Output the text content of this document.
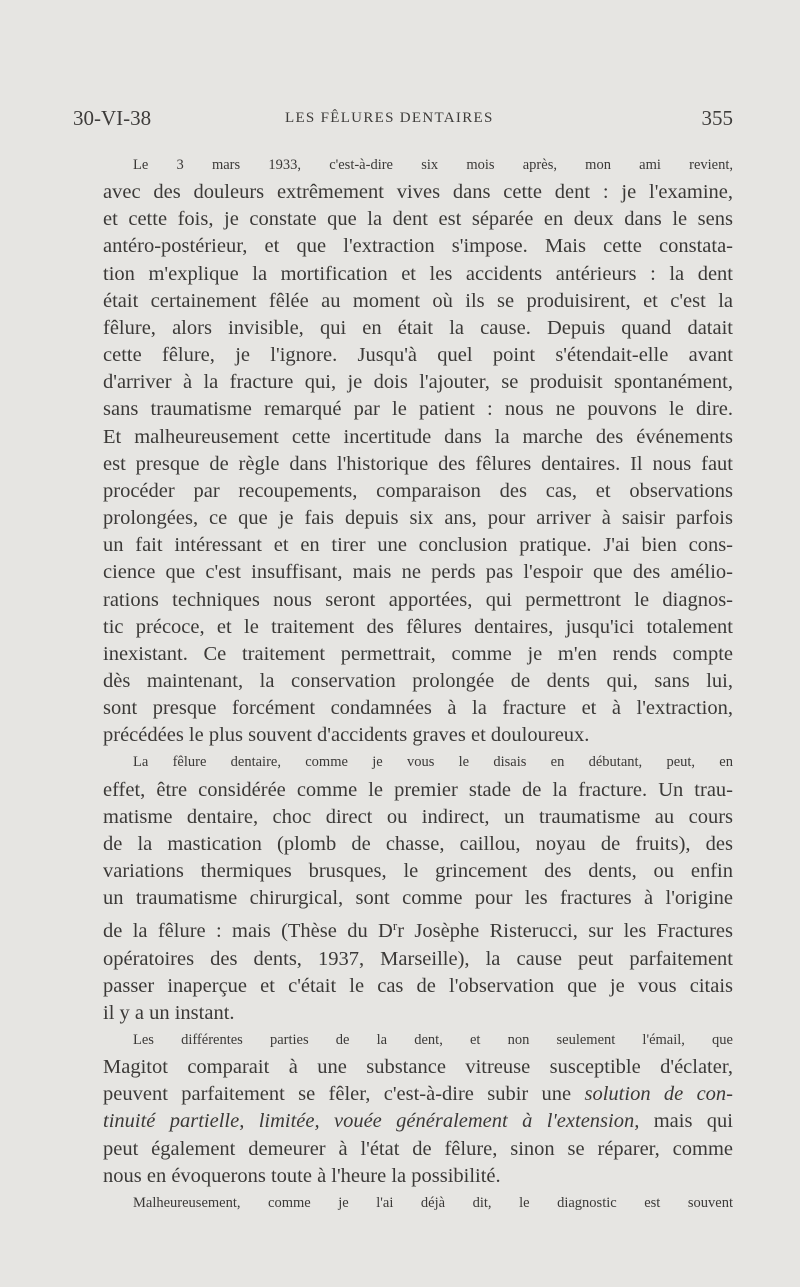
30-VI-38	LES FÊLURES DENTAIRES	355
Le 3 mars 1933, c'est-à-dire six mois après, mon ami revient,
avec des douleurs extrêmement vives dans cette dent : je l'examine,
et cette fois, je constate que la dent est séparée en deux dans le sens
antéro-postérieur, et que l'extraction s'impose. Mais cette constata-
tion m'explique la mortification et les accidents antérieurs : la dent
était certainement fêlée au moment où ils se produisirent, et c'est la
fêlure, alors invisible, qui en était la cause. Depuis quand datait
cette fêlure, je l'ignore. Jusqu'à quel point s'étendait-elle avant
d'arriver à la fracture qui, je dois l'ajouter, se produisit spontanément,
sans traumatisme remarqué par le patient : nous ne pouvons le dire.
Et malheureusement cette incertitude dans la marche des événements
est presque de règle dans l'historique des fêlures dentaires. Il nous faut
procéder par recoupements, comparaison des cas, et observations
prolongées, ce que je fais depuis six ans, pour arriver à saisir parfois
un fait intéressant et en tirer une conclusion pratique. J'ai bien cons-
cience que c'est insuffisant, mais ne perds pas l'espoir que des amélio-
rations techniques nous seront apportées, qui permettront le diagnos-
tic précoce, et le traitement des fêlures dentaires, jusqu'ici totalement
inexistant. Ce traitement permettrait, comme je m'en rends compte
dès maintenant, la conservation prolongée de dents qui, sans lui,
sont presque forcément condamnées à la fracture et à l'extraction,
précédées le plus souvent d'accidents graves et douloureux.
La fêlure dentaire, comme je vous le disais en débutant, peut, en
effet, être considérée comme le premier stade de la fracture. Un trau-
matisme dentaire, choc direct ou indirect, un traumatisme au cours
de la mastication (plomb de chasse, caillou, noyau de fruits), des
variations thermiques brusques, le grincement des dents, ou enfin
un traumatisme chirurgical, sont comme pour les fractures à l'origine
de la fêlure : mais (Thèse du $D^rr$ Josèphe Risterucci, sur les Fractures
opératoires des dents, 1937, Marseille), la cause peut parfaitement
passer inaperçue et c'était le cas de l'observation que je vous citais
il y a un instant.
Les différentes parties de la dent, et non seulement l'émail, que
Magitot comparait à une substance vitreuse susceptible d'éclater,
peuvent parfaitement se fêler, c'est-à-dire subir une solution de con-
tinuité partielle, limitée, vouée généralement à l'extension, mais qui
peut également demeurer à l'état de fêlure, sinon se réparer, comme
nous en évoquerons toute à l'heure la possibilité.
Malheureusement, comme je l'ai déjà dit, le diagnostic est souvent
